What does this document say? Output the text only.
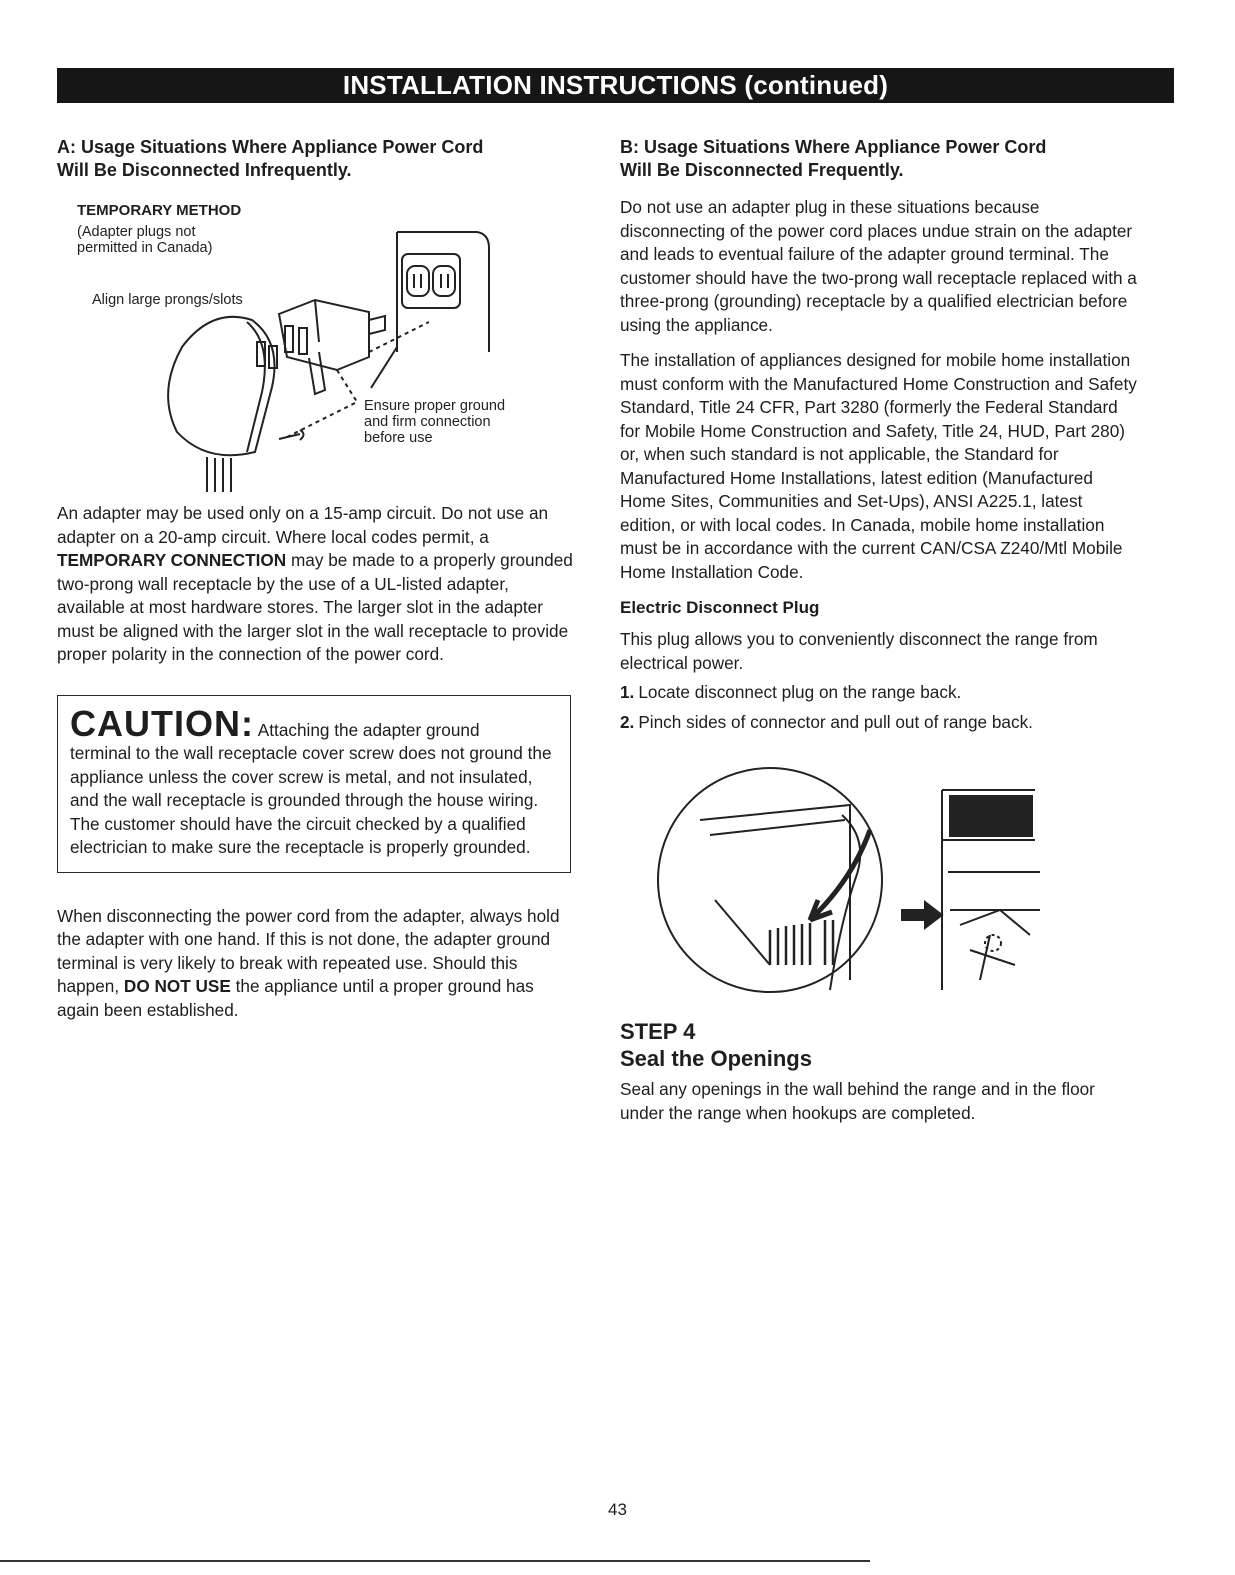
INSTALLATION INSTRUCTIONS (continued)
A: Usage Situations Where Appliance Power Cord
Will Be Disconnected Infrequently.
TEMPORARY METHOD
(Adapter plugs not
permitted in Canada)
Align large prongs/slots
Ensure proper ground
and firm connection
before use

An adapter may be used only on a 15-amp circuit. Do not use an adapter on a 20-amp circuit. Where local codes permit, a TEMPORARY CONNECTION may be made to a properly grounded two-prong wall receptacle by the use of a UL-listed adapter, available at most hardware stores. The larger slot in the adapter must be aligned with the larger slot in the wall receptacle to provide proper polarity in the connection of the power cord.

CAUTION: Attaching the adapter ground
terminal to the wall receptacle cover screw does not ground the appliance unless the cover screw is metal, and not insulated, and the wall receptacle is grounded through the house wiring. The customer should have the circuit checked by a qualified electrician to make sure the receptacle is properly grounded.

When disconnecting the power cord from the adapter, always hold the adapter with one hand. If this is not done, the adapter ground terminal is very likely to break with repeated use. Should this happen, DO NOT USE the appliance until a proper ground has again been established.

B: Usage Situations Where Appliance Power Cord
Will Be Disconnected Frequently.

Do not use an adapter plug in these situations because disconnecting of the power cord places undue strain on the adapter and leads to eventual failure of the adapter ground terminal. The customer should have the two-prong wall receptacle replaced with a three-prong (grounding) receptacle by a qualified electrician before using the appliance.

The installation of appliances designed for mobile home installation must conform with the Manufactured Home Construction and Safety Standard, Title 24 CFR, Part 3280 (formerly the Federal Standard for Mobile Home Construction and Safety, Title 24, HUD, Part 280) or, when such standard is not applicable, the Standard for Manufactured Home Installations, latest edition (Manufactured Home Sites, Communities and Set-Ups), ANSI A225.1, latest edition, or with local codes. In Canada, mobile home installation must be in accordance with the current CAN/CSA Z240/Mtl Mobile Home Installation Code.

Electric Disconnect Plug

This plug allows you to conveniently disconnect the range from electrical power.

1. Locate disconnect plug on the range back.
2. Pinch sides of connector and pull out of range back.
STEP 4
Seal the Openings

Seal any openings in the wall behind the range and in the floor under the range when hookups are completed.

43
